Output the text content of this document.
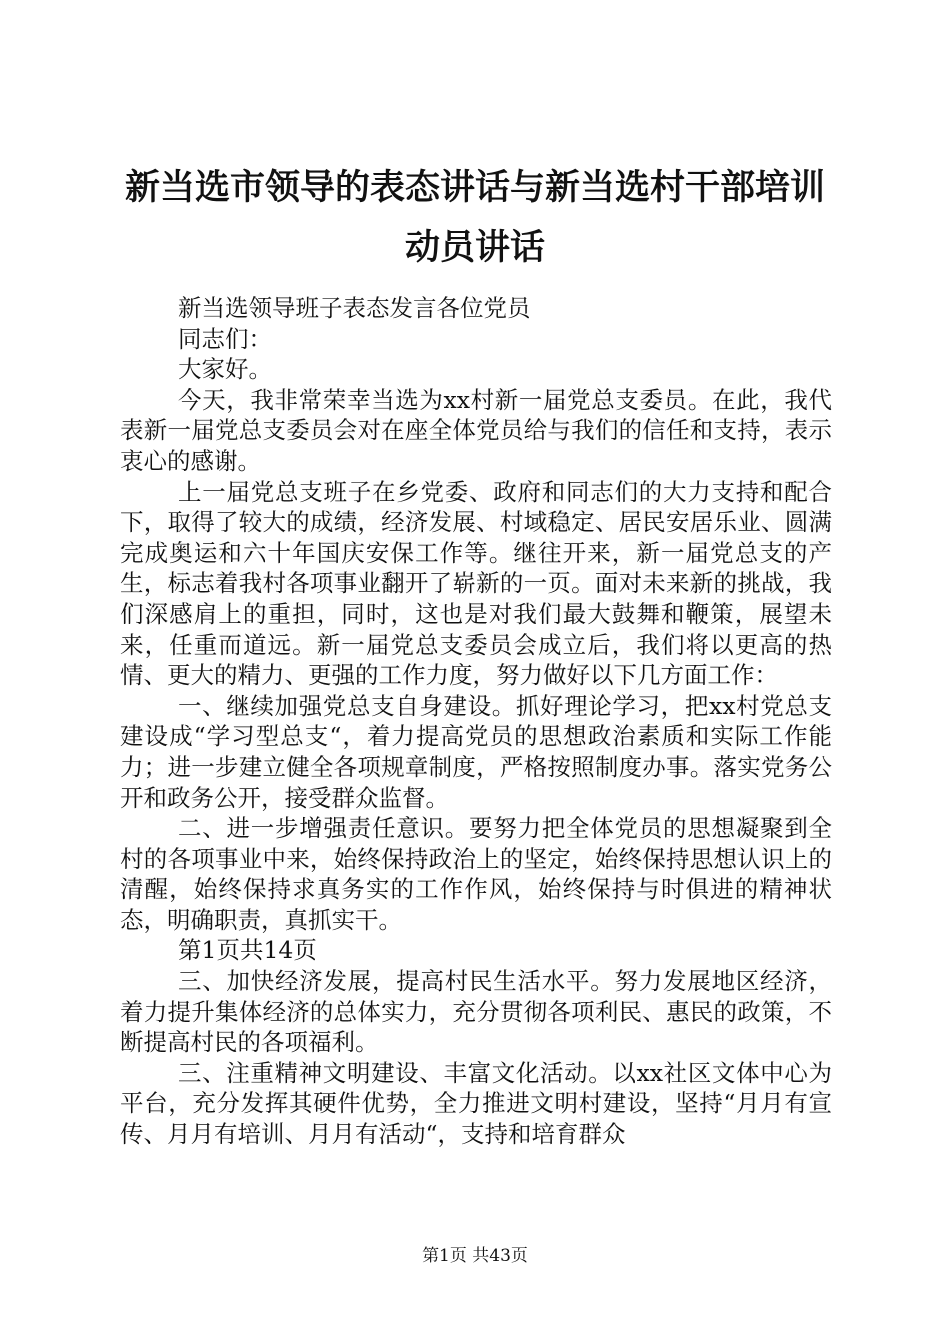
新当选市领导的表态讲话与新当选村干部培训
动员讲话

新当选领导班子表态发言各位党员

同志们：

大家好。

今天，我非常荣幸当选为xx村新一届党总支委员。在此，我代表新一届党总支委员会对在座全体党员给与我们的信任和支持，表示衷心的感谢。

上一届党总支班子在乡党委、政府和同志们的大力支持和配合下，取得了较大的成绩，经济发展、村域稳定、居民安居乐业、圆满完成奥运和六十年国庆安保工作等。继往开来，新一届党总支的产生，标志着我村各项事业翻开了崭新的一页。面对未来新的挑战，我们深感肩上的重担，同时，这也是对我们最大鼓舞和鞭策，展望未来，任重而道远。新一届党总支委员会成立后，我们将以更高的热情、更大的精力、更强的工作力度，努力做好以下几方面工作：

一、继续加强党总支自身建设。抓好理论学习，把xx村党总支建设成“学习型总支“，着力提高党员的思想政治素质和实际工作能力；进一步建立健全各项规章制度，严格按照制度办事。落实党务公开和政务公开，接受群众监督。

二、进一步增强责任意识。要努力把全体党员的思想凝聚到全村的各项事业中来，始终保持政治上的坚定，始终保持思想认识上的清醒，始终保持求真务实的工作作风，始终保持与时俱进的精神状态，明确职责，真抓实干。

第1页共14页

三、加快经济发展，提高村民生活水平。努力发展地区经济，着力提升集体经济的总体实力，充分贯彻各项利民、惠民的政策，不断提高村民的各项福利。

三、注重精神文明建设、丰富文化活动。以xx社区文体中心为平台，充分发挥其硬件优势，全力推进文明村建设，坚持“月月有宣传、月月有培训、月月有活动“，支持和培育群众

第1页 共43页
